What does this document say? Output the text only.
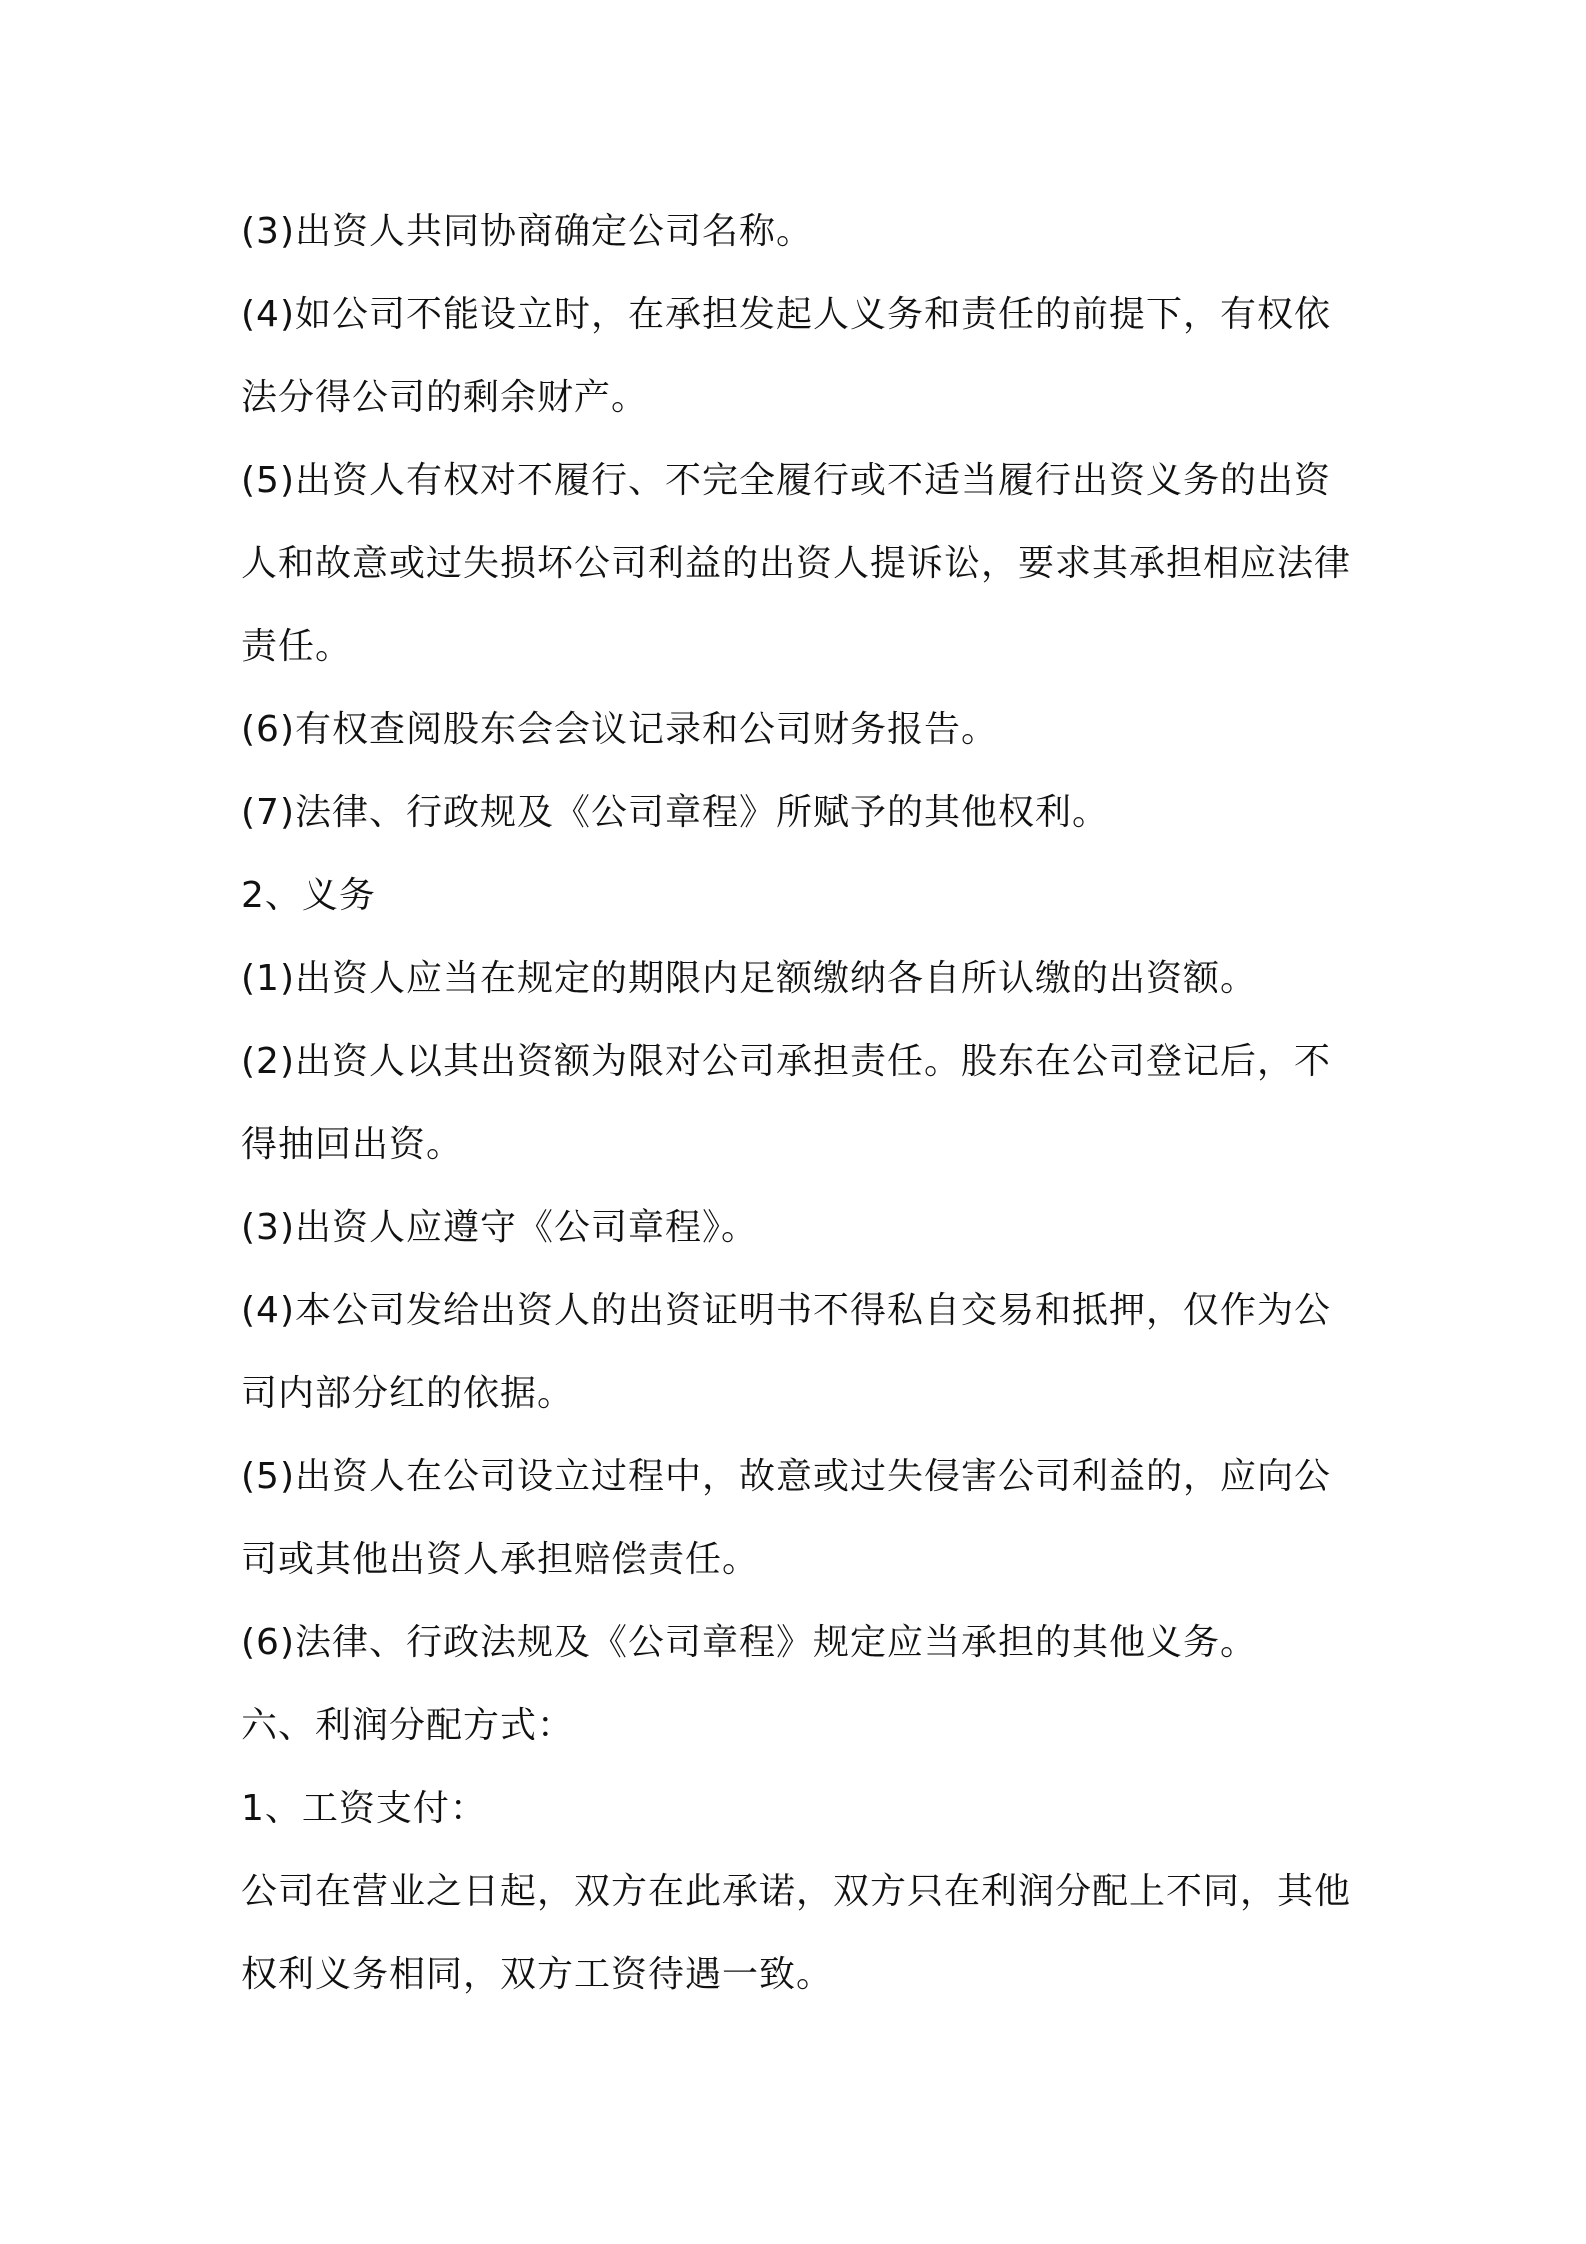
(3)出资人共同协商确定公司名称。

(4)如公司不能设立时，在承担发起人义务和责任的前提下，有权依

法分得公司的剩余财产。

(5)出资人有权对不履行、不完全履行或不适当履行出资义务的出资

人和故意或过失损坏公司利益的出资人提诉讼，要求其承担相应法律

责任。

(6)有权查阅股东会会议记录和公司财务报告。

(7)法律、行政规及《公司章程》所赋予的其他权利。

2、义务

(1)出资人应当在规定的期限内足额缴纳各自所认缴的出资额。

(2)出资人以其出资额为限对公司承担责任。股东在公司登记后，不

得抽回出资。

(3)出资人应遵守《公司章程》。

(4)本公司发给出资人的出资证明书不得私自交易和抵押，仅作为公

司内部分红的依据。

(5)出资人在公司设立过程中，故意或过失侵害公司利益的，应向公

司或其他出资人承担赔偿责任。

(6)法律、行政法规及《公司章程》规定应当承担的其他义务。

六、利润分配方式：

1、工资支付：

公司在营业之日起，双方在此承诺，双方只在利润分配上不同，其他

权利义务相同，双方工资待遇一致。
